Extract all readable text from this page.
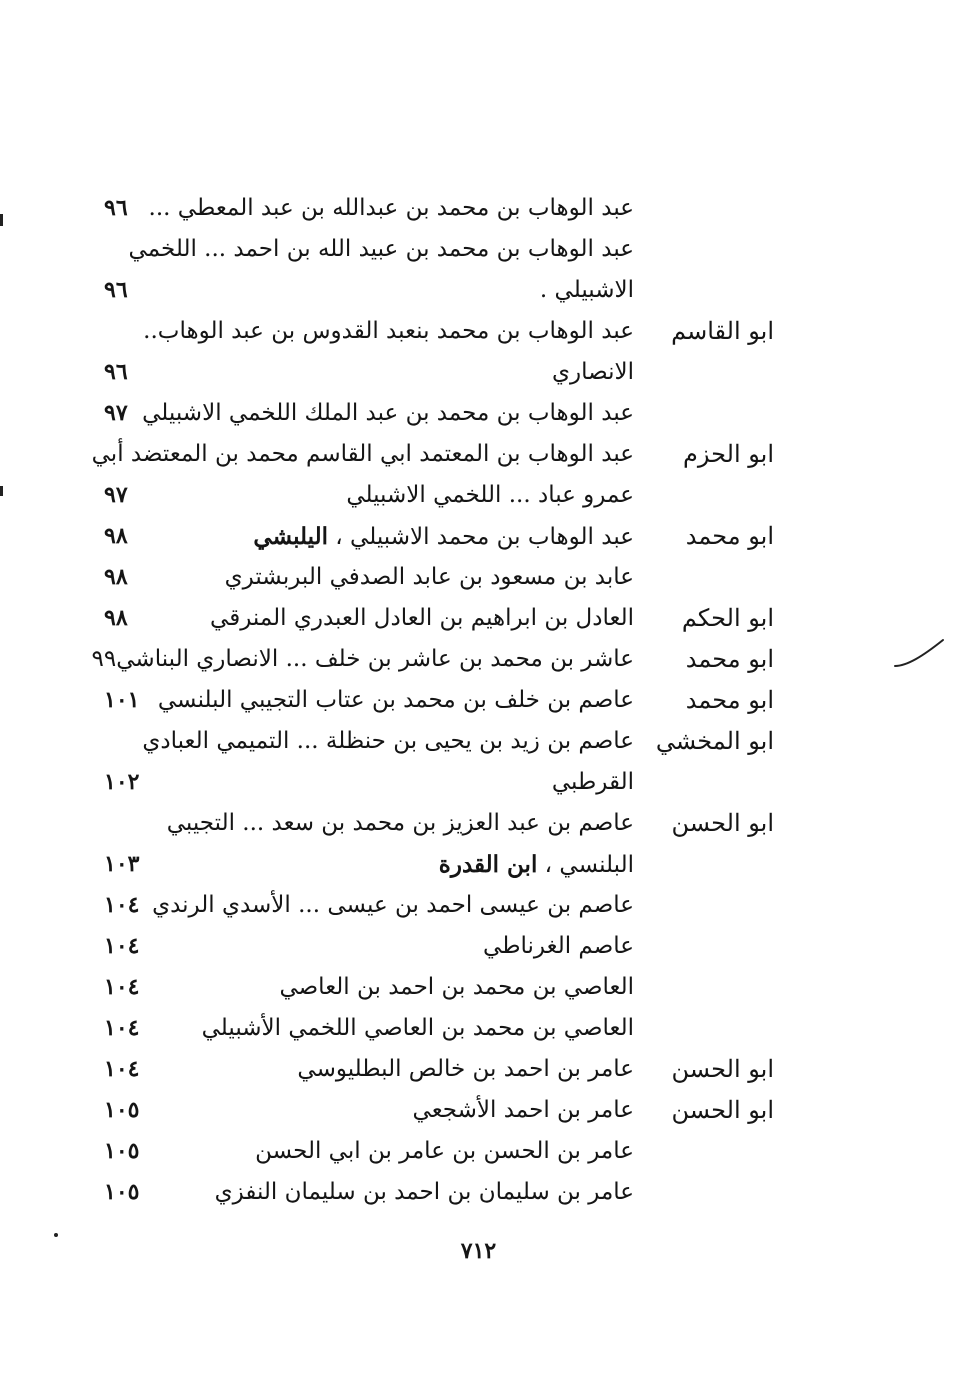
عبد الوهاب بن محمد بن عبدالله بن عبد المعطي ...
٩٦
عبد الوهاب بن محمد بن عبيد الله بن احمد ... اللخمي
الاشبيلي .
٩٦
ابو القاسم
عبد الوهاب بن محمد بنعبد القدوس بن عبد الوهاب..
الانصاري
٩٦
عبد الوهاب بن محمد بن عبد الملك اللخمي الاشبيلي
٩٧
ابو الحزم
عبد الوهاب بن المعتمد ابي القاسم محمد بن المعتضد أبي
عمرو عباد ... اللخمي الاشبيلي
٩٧
ابو محمد
عبد الوهاب بن محمد الاشبيلي ، اليلبشي
٩٨
عابد بن مسعود بن عابد الصدفي البربشتري
٩٨
ابو الحكم
العادل بن ابراهيم بن العادل العبدري المنرقي
٩٨
ابو محمد
عاشر بن محمد بن عاشر بن خلف ... الانصاري البناشي٩٩
ابو محمد
عاصم بن خلف بن محمد بن عتاب التجيبي البلنسي
١٠١
ابو المخشي
عاصم بن زيد بن يحيى بن حنظلة ... التميمي العبادي
القرطبي
١٠٢
ابو الحسن
عاصم بن عبد العزيز بن محمد بن سعد ... التجيبي
البلنسي ، ابن القدرة
١٠٣
عاصم بن عيسى احمد بن عيسى ... الأسدي الرندي
١٠٤
عاصم الغرناطي
١٠٤
العاصي بن محمد بن احمد بن العاصي
١٠٤
العاصي بن محمد بن العاصي اللخمي الأشبيلي
١٠٤
ابو الحسن
عامر بن احمد بن خالص البطليوسي
١٠٤
ابو الحسن
عامر بن احمد الأشجعي
١٠٥
عامر بن الحسن بن عامر بن ابي الحسن
١٠٥
عامر بن سليمان بن احمد بن سليمان النفزي
١٠٥
٧١٢
